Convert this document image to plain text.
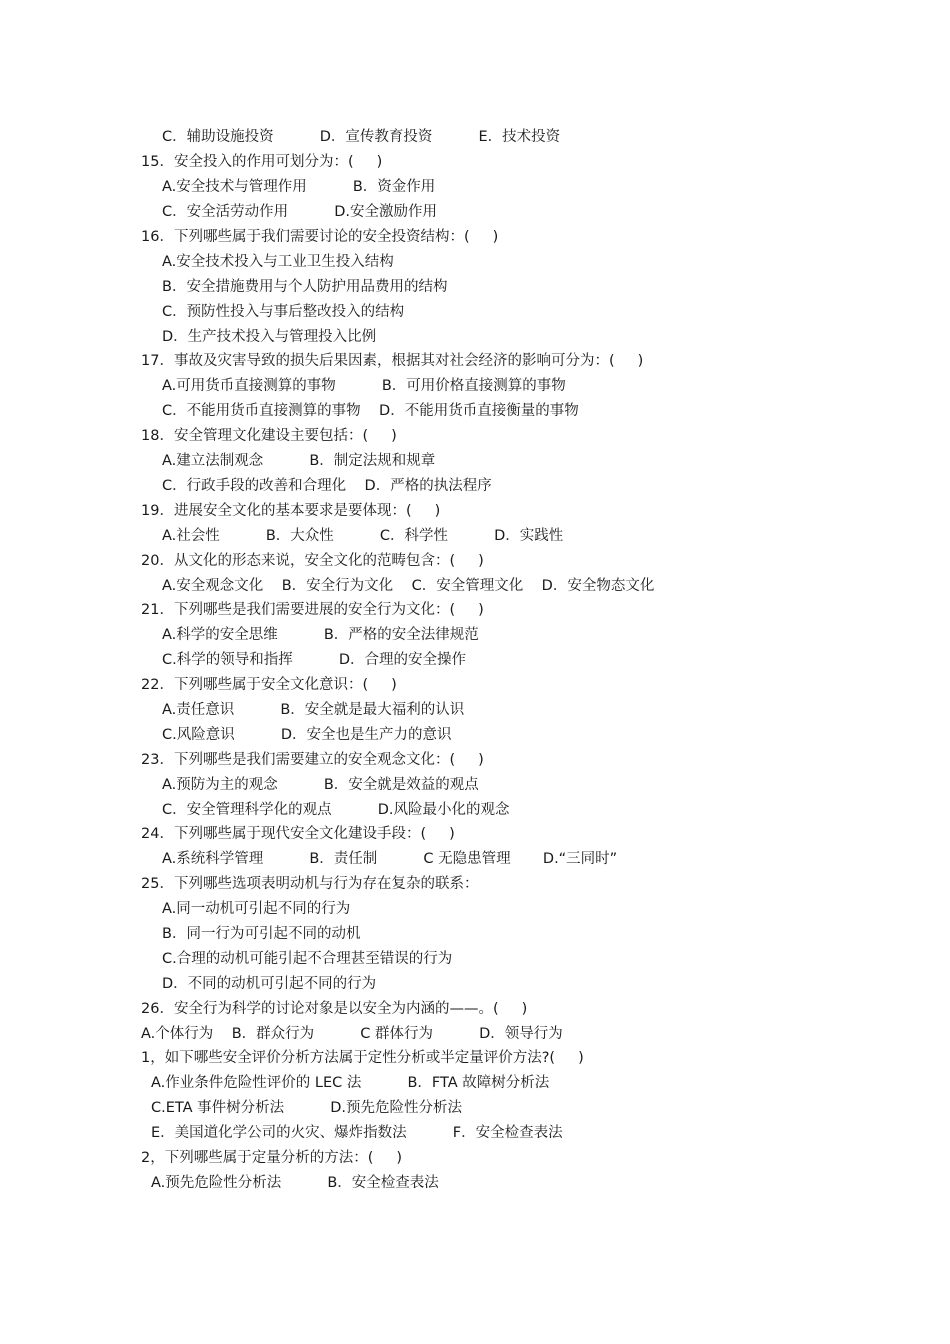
C．辅助设施投资          D．宣传教育投资          E．技术投资
15．安全投入的作用可划分为：(     )
A.安全技术与管理作用          B．资金作用
C．安全活劳动作用          D.安全激励作用
16．下列哪些属于我们需要讨论的安全投资结构：(     )
A.安全技术投入与工业卫生投入结构
B．安全措施费用与个人防护用品费用的结构
C．预防性投入与事后整改投入的结构
D．生产技术投入与管理投入比例
17．事故及灾害导致的损失后果因素，根据其对社会经济的影响可分为：(     )
A.可用货币直接测算的事物          B．可用价格直接测算的事物
C．不能用货币直接测算的事物    D．不能用货币直接衡量的事物
18．安全管理文化建设主要包括：(     )
A.建立法制观念          B．制定法规和规章
C．行政手段的改善和合理化    D．严格的执法程序
19．进展安全文化的基本要求是要体现：(     )
A.社会性          B．大众性          C．科学性          D．实践性
20．从文化的形态来说，安全文化的范畴包含：(     )
A.安全观念文化    B．安全行为文化    C．安全管理文化    D．安全物态文化
21．下列哪些是我们需要进展的安全行为文化：(     )
A.科学的安全思维          B．严格的安全法律规范
C.科学的领导和指挥          D．合理的安全操作
22．下列哪些属于安全文化意识：(     )
A.责任意识          B．安全就是最大福利的认识
C.风险意识          D．安全也是生产力的意识
23．下列哪些是我们需要建立的安全观念文化：(     )
A.预防为主的观念          B．安全就是效益的观点
C．安全管理科学化的观点          D.风险最小化的观念
24．下列哪些属于现代安全文化建设手段：(     )
A.系统科学管理          B．责任制          C 无隐患管理       D.“三同时”
25．下列哪些选项表明动机与行为存在复杂的联系：
A.同一动机可引起不同的行为
B．同一行为可引起不同的动机
C.合理的动机可能引起不合理甚至错误的行为
D．不同的动机可引起不同的行为
26．安全行为科学的讨论对象是以安全为内涵的——。(     )
A.个体行为    B．群众行为          C 群体行为          D．领导行为
1，如下哪些安全评价分析方法属于定性分析或半定量评价方法?(     )
A.作业条件危险性评价的 LEC 法          B．FTA 故障树分析法
C.ETA 事件树分析法          D.预先危险性分析法
E．美国道化学公司的火灾、爆炸指数法          F．安全检查表法
2，下列哪些属于定量分析的方法：(     )
A.预先危险性分析法          B．安全检查表法
